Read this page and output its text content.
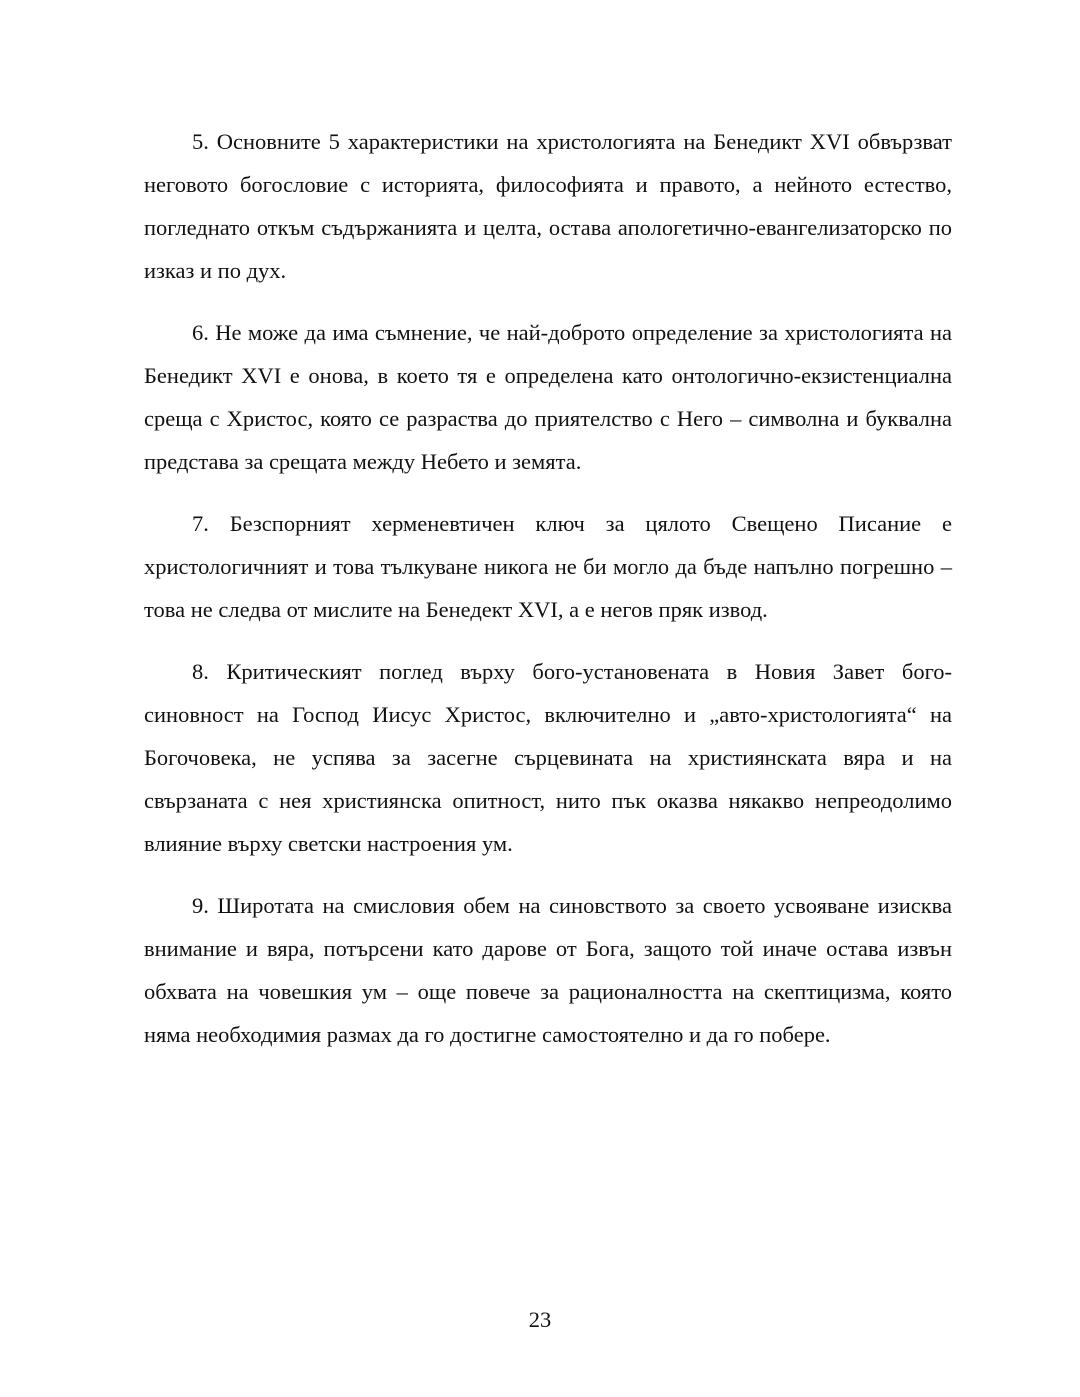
5. Основните 5 характеристики на христологията на Бенедикт XVI обвързват неговото богословие с историята, философията и правото, а нейното естество, погледнато откъм съдържанията и целта, остава апологетично-евангелизаторско по изказ и по дух.

6. Не може да има съмнение, че най-доброто определение за христологията на Бенедикт XVI е онова, в което тя е определена като онтологично-екзистенциална среща с Христос, която се разраства до приятелство с Него – символна и буквална представа за срещата между Небето и земята.

7. Безспорният херменевтичен ключ за цялото Свещено Писание е христологичният и това тълкуване никога не би могло да бъде напълно погрешно – това не следва от мислите на Бенедект XVI, а е негов пряк извод.

8. Критическият поглед върху бого-установената в Новия Завет бого-синовност на Господ Иисус Христос, включително и „авто-христологията“ на Богочовека, не успява за засегне сърцевината на християнската вяра и на свързаната с нея християнска опитност, нито пък оказва някакво непреодолимо влияние върху светски настроения ум.

9. Широтата на смисловия обем на синовството за своето усвояване изисква внимание и вяра, потърсени като дарове от Бога, защото той иначе остава извън обхвата на човешкия ум – още повече за рационалността на скептицизма, която няма необходимия размах да го достигне самостоятелно и да го побере.

23
